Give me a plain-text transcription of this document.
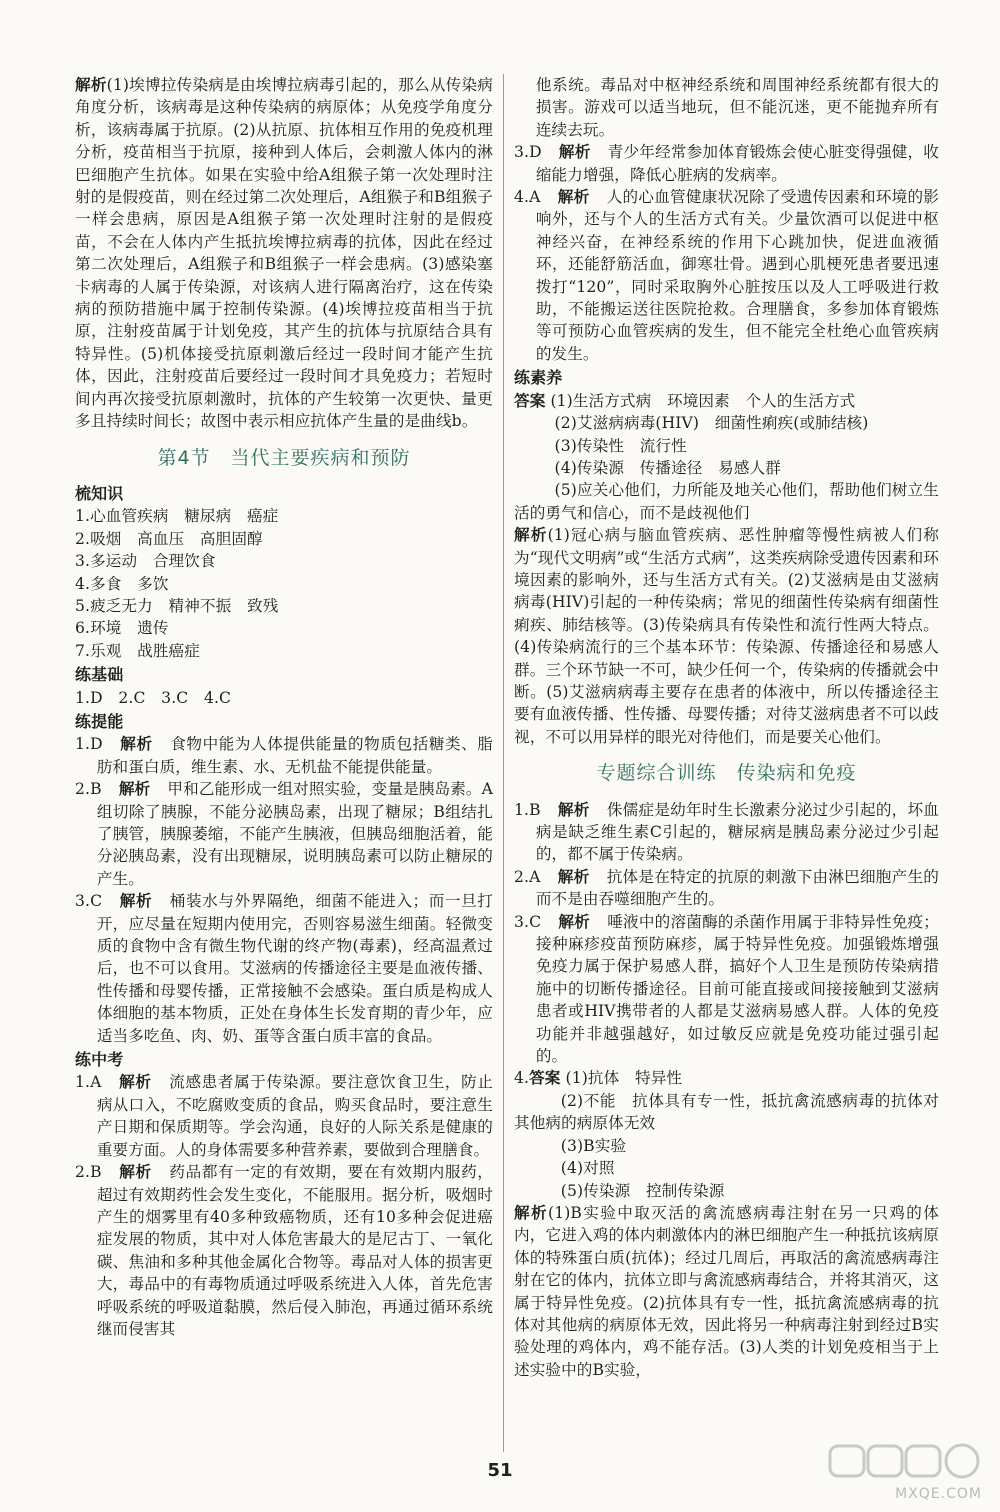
解析(1)埃博拉传染病是由埃博拉病毒引起的，那么从传染病角度分析，该病毒是这种传染病的病原体；从免疫学角度分析，该病毒属于抗原。(2)从抗原、抗体相互作用的免疫机理分析，疫苗相当于抗原，接种到人体后，会刺激人体内的淋巴细胞产生抗体。如果在实验中给A组猴子第一次处理时注射的是假疫苗，则在经过第二次处理后，A组猴子和B组猴子一样会患病，原因是A组猴子第一次处理时注射的是假疫苗，不会在人体内产生抵抗埃博拉病毒的抗体，因此在经过第二次处理后，A组猴子和B组猴子一样会患病。(3)感染塞卡病毒的人属于传染源，对该病人进行隔离治疗，这在传染病的预防措施中属于控制传染源。(4)埃博拉疫苗相当于抗原，注射疫苗属于计划免疫，其产生的抗体与抗原结合具有特异性。(5)机体接受抗原刺激后经过一段时间才能产生抗体，因此，注射疫苗后要经过一段时间才具免疫力；若短时间内再次接受抗原刺激时，抗体的产生较第一次更快、量更多且持续时间长；故图中表示相应抗体产生量的是曲线b。

第4节　当代主要疾病和预防
梳知识

1.心血管疾病　糖尿病　癌症

2.吸烟　高血压　高胆固醇

3.多运动　合理饮食

4.多食　多饮

5.疲乏无力　精神不振　致残

6.环境　遗传

7.乐观　战胜癌症

练基础

1.D　2.C　3.C　4.C

练提能

1.D 解析 食物中能为人体提供能量的物质包括糖类、脂肪和蛋白质，维生素、水、无机盐不能提供能量。

2.B 解析 甲和乙能形成一组对照实验，变量是胰岛素。A组切除了胰腺，不能分泌胰岛素，出现了糖尿；B组结扎了胰管，胰腺萎缩，不能产生胰液，但胰岛细胞活着，能分泌胰岛素，没有出现糖尿，说明胰岛素可以防止糖尿的产生。

3.C 解析 桶装水与外界隔绝，细菌不能进入；而一旦打开，应尽量在短期内使用完，否则容易滋生细菌。轻微变质的食物中含有微生物代谢的终产物(毒素)，经高温煮过后，也不可以食用。艾滋病的传播途径主要是血液传播、性传播和母婴传播，正常接触不会感染。蛋白质是构成人体细胞的基本物质，正处在身体生长发育期的青少年，应适当多吃鱼、肉、奶、蛋等含蛋白质丰富的食品。

练中考

1.A 解析 流感患者属于传染源。要注意饮食卫生，防止病从口入，不吃腐败变质的食品，购买食品时，要注意生产日期和保质期等。学会沟通，良好的人际关系是健康的重要方面。人的身体需要多种营养素，要做到合理膳食。

2.B 解析 药品都有一定的有效期，要在有效期内服药，超过有效期药性会发生变化，不能服用。据分析，吸烟时产生的烟雾里有40多种致癌物质，还有10多种会促进癌症发展的物质，其中对人体危害最大的是尼古丁、一氧化碳、焦油和多种其他金属化合物等。毒品对人体的损害更大，毒品中的有毒物质通过呼吸系统进入人体，首先危害呼吸系统的呼吸道黏膜，然后侵入肺泡，再通过循环系统继而侵害其

他系统。毒品对中枢神经系统和周围神经系统都有很大的损害。游戏可以适当地玩，但不能沉迷，更不能抛弃所有连续去玩。

3.D 解析 青少年经常参加体育锻炼会使心脏变得强健，收缩能力增强，降低心脏病的发病率。

4.A 解析 人的心血管健康状况除了受遗传因素和环境的影响外，还与个人的生活方式有关。少量饮酒可以促进中枢神经兴奋，在神经系统的作用下心跳加快，促进血液循环，还能舒筋活血，御寒壮骨。遇到心肌梗死患者要迅速拨打“120”，同时采取胸外心脏按压以及人工呼吸进行救助，不能搬运送往医院抢救。合理膳食，多参加体育锻炼等可预防心血管疾病的发生，但不能完全杜绝心血管疾病的发生。

练素养

答案 (1)生活方式病　环境因素　个人的生活方式

(2)艾滋病病毒(HIV)　细菌性痢疾(或肺结核)

(3)传染性　流行性

(4)传染源　传播途径　易感人群

(5)应关心他们，力所能及地关心他们，帮助他们树立生活的勇气和信心，而不是歧视他们

解析(1)冠心病与脑血管疾病、恶性肿瘤等慢性病被人们称为“现代文明病”或“生活方式病”，这类疾病除受遗传因素和环境因素的影响外，还与生活方式有关。(2)艾滋病是由艾滋病病毒(HIV)引起的一种传染病；常见的细菌性传染病有细菌性痢疾、肺结核等。(3)传染病具有传染性和流行性两大特点。(4)传染病流行的三个基本环节：传染源、传播途径和易感人群。三个环节缺一不可，缺少任何一个，传染病的传播就会中断。(5)艾滋病病毒主要存在患者的体液中，所以传播途径主要有血液传播、性传播、母婴传播；对待艾滋病患者不可以歧视，不可以用异样的眼光对待他们，而是要关心他们。

专题综合训练　传染病和免疫

1.B 解析 侏儒症是幼年时生长激素分泌过少引起的，坏血病是缺乏维生素C引起的，糖尿病是胰岛素分泌过少引起的，都不属于传染病。

2.A 解析 抗体是在特定的抗原的刺激下由淋巴细胞产生的而不是由吞噬细胞产生的。

3.C 解析 唾液中的溶菌酶的杀菌作用属于非特异性免疫；接种麻疹疫苗预防麻疹，属于特异性免疫。加强锻炼增强免疫力属于保护易感人群，搞好个人卫生是预防传染病措施中的切断传播途径。目前可能直接或间接接触到艾滋病患者或HIV携带者的人都是艾滋病易感人群。人体的免疫功能并非越强越好，如过敏反应就是免疫功能过强引起的。

4.答案 (1)抗体　特异性

(2)不能　抗体具有专一性，抵抗禽流感病毒的抗体对其他病的病原体无效

(3)B实验

(4)对照

(5)传染源　控制传染源

解析(1)B实验中取灭活的禽流感病毒注射在另一只鸡的体内，它进入鸡的体内刺激体内的淋巴细胞产生一种抵抗该病原体的特殊蛋白质(抗体)；经过几周后，再取活的禽流感病毒注射在它的体内，抗体立即与禽流感病毒结合，并将其消灭，这属于特异性免疫。(2)抗体具有专一性，抵抗禽流感病毒的抗体对其他病的病原体无效，因此将另一种病毒注射到经过B实验处理的鸡体内，鸡不能存活。(3)人类的计划免疫相当于上述实验中的B实验，

51
MXQE.COM
